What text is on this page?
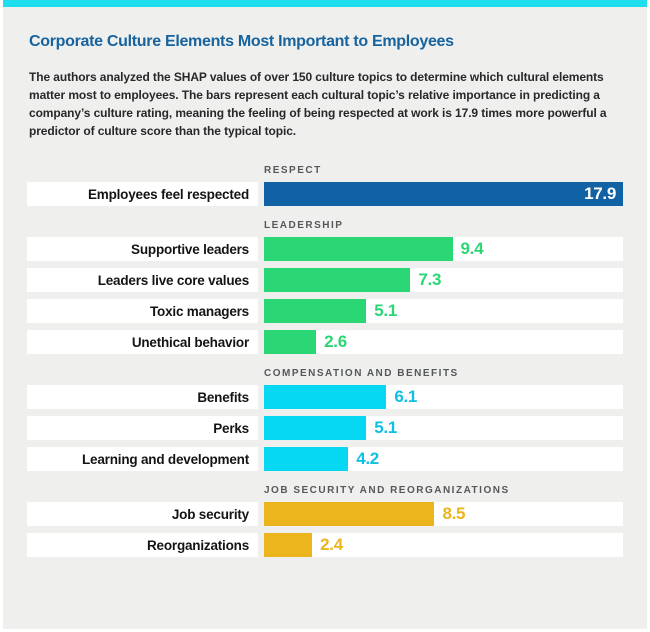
Corporate Culture Elements Most Important to Employees

The authors analyzed the SHAP values of over 150 culture topics to determine which cultural elements matter most to employees. The bars represent each cultural topic’s relative importance in predicting a company’s culture rating, meaning the feeling of being respected at work is 17.9 times more powerful a predictor of culture score than the typical topic.

RESPECT
Employees feel respected	17.9
LEADERSHIP
Supportive leaders	9.4
Leaders live core values	7.3
Toxic managers	5.1
Unethical behavior	2.6
COMPENSATION AND BENEFITS
Benefits	6.1
Perks	5.1
Learning and development	4.2
JOB SECURITY AND REORGANIZATIONS
Job security	8.5
Reorganizations	2.4
